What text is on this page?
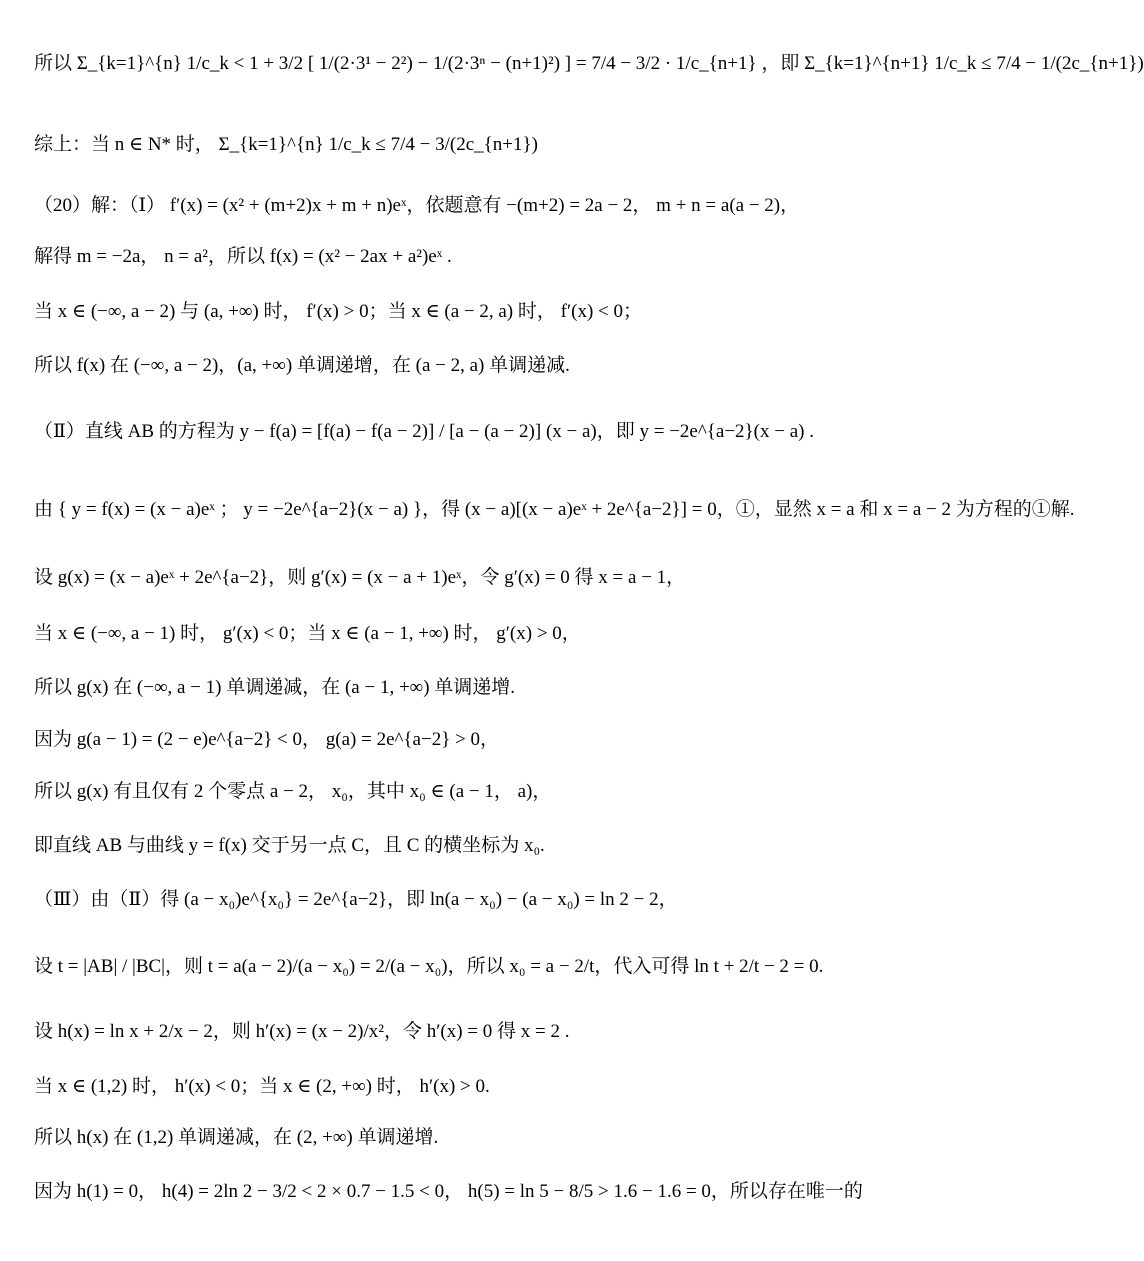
所以 Σ_{k=1}^{n} 1/c_k < 1 + 3/2 [ 1/(2·3¹ − 2²) − 1/(2·3ⁿ − (n+1)²) ] = 7/4 − 3/2 · 1/c_{n+1} ，即 Σ_{k=1}^{n+1} 1/c_k ≤ 7/4 − 1/(2c_{n+1})
综上：当 n ∈ N* 时， Σ_{k=1}^{n} 1/c_k ≤ 7/4 − 3/(2c_{n+1})
（20）解：（Ⅰ） f′(x) = (x² + (m+2)x + m + n)eˣ，依题意有 −(m+2) = 2a − 2， m + n = a(a − 2)，
解得 m = −2a， n = a²，所以 f(x) = (x² − 2ax + a²)eˣ .
当 x ∈ (−∞, a − 2) 与 (a, +∞) 时， f′(x) > 0；当 x ∈ (a − 2, a) 时， f′(x) < 0；
所以 f(x) 在 (−∞, a − 2)，(a, +∞) 单调递增，在 (a − 2, a) 单调递减.
（Ⅱ）直线 AB 的方程为 y − f(a) = [f(a) − f(a − 2)] / [a − (a − 2)] (x − a)，即 y = −2e^{a−2}(x − a) .
由 { y = f(x) = (x − a)eˣ ； y = −2e^{a−2}(x − a) }，得 (x − a)[(x − a)eˣ + 2e^{a−2}] = 0，①，显然 x = a 和 x = a − 2 为方程的①解.
设 g(x) = (x − a)eˣ + 2e^{a−2}，则 g′(x) = (x − a + 1)eˣ，令 g′(x) = 0 得 x = a − 1，
当 x ∈ (−∞, a − 1) 时， g′(x) < 0；当 x ∈ (a − 1, +∞) 时， g′(x) > 0，
所以 g(x) 在 (−∞, a − 1) 单调递减，在 (a − 1, +∞) 单调递增.
因为 g(a − 1) = (2 − e)e^{a−2} < 0， g(a) = 2e^{a−2} > 0，
所以 g(x) 有且仅有 2 个零点 a − 2， x₀，其中 x₀ ∈ (a − 1， a)，
即直线 AB 与曲线 y = f(x) 交于另一点 C，且 C 的横坐标为 x₀.
（Ⅲ）由（Ⅱ）得 (a − x₀)e^{x₀} = 2e^{a−2}，即 ln(a − x₀) − (a − x₀) = ln 2 − 2，
设 t = |AB| / |BC|，则 t = a(a − 2)/(a − x₀) = 2/(a − x₀)，所以 x₀ = a − 2/t，代入可得 ln t + 2/t − 2 = 0.
设 h(x) = ln x + 2/x − 2，则 h′(x) = (x − 2)/x²，令 h′(x) = 0 得 x = 2 .
当 x ∈ (1,2) 时， h′(x) < 0；当 x ∈ (2, +∞) 时， h′(x) > 0.
所以 h(x) 在 (1,2) 单调递减，在 (2, +∞) 单调递增.
因为 h(1) = 0， h(4) = 2ln 2 − 3/2 < 2 × 0.7 − 1.5 < 0， h(5) = ln 5 − 8/5 > 1.6 − 1.6 = 0，所以存在唯一的
